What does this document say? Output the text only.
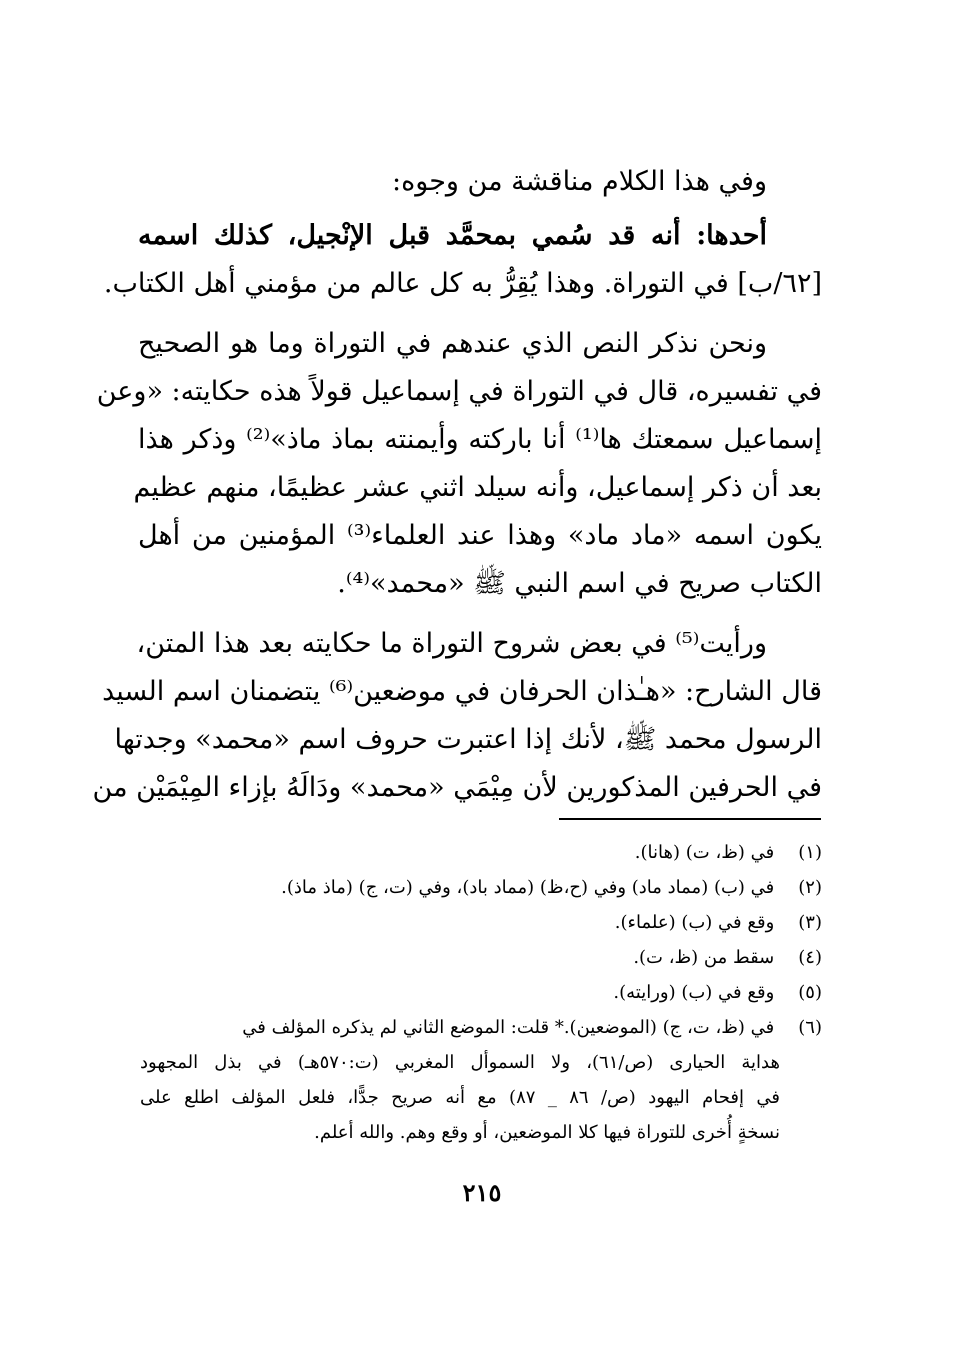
وفي هذا الكلام مناقشة من وجوه:
أحدها: أنه قد سُمي بمحمَّد قبل الإنْجيل، كذلك اسمه
[٦٢/ب] في التوراة. وهذا يُقِرُّ به كل عالم من مؤمني أهل الكتاب.
ونحن نذكر النص الذي عندهم في التوراة وما هو الصحيح
في تفسيره، قال في التوراة في إسماعيل قولاً هذه حكايته: «وعن
إسماعيل سمعتك ها⁽¹⁾ أنا باركته وأيمنته بماذ ماذ»⁽²⁾ وذكر هذا
بعد أن ذكر إسماعيل، وأنه سيلد اثني عشر عظيمًا، منهم عظيم
يكون اسمه «ماد ماد» وهذا عند العلماء⁽³⁾ المؤمنين من أهل
الكتاب صريح في اسم النبي ﷺ «محمد»⁽⁴⁾.
ورأيت⁽⁵⁾ في بعض شروح التوراة ما حكايته بعد هذا المتن،
قال الشارح: «هـٰذان الحرفان في موضعين⁽⁶⁾ يتضمنان اسم السيد
الرسول محمد ﷺ، لأنك إذا اعتبرت حروف اسم «محمد» وجدتها
في الحرفين المذكورين لأن مِيْمَي «محمد» ودَالَهُ بإزاء المِيْمَيْن من
(١) في (ظ، ت) (هانا).
(٢) في (ب) (مماد ماد) وفي (ح،ظ) (مماد باد)، وفي (ت، ج) (ماذ ماذ).
(٣) وقع في (ب) (علماء).
(٤) سقط من (ظ، ت).
(٥) وقع في (ب) (ورايته).
(٦) في (ظ، ت، ج) (الموضعين).* قلت: الموضع الثاني لم يذكره المؤلف في
هداية الحيارى (ص/٦١)، ولا السموأل المغربي (ت:٥٧٠هـ) في بذل المجهود
في إفحام اليهود (ص/ ٨٦ _ ٨٧) مع أنه صريح جدًّا، فلعل المؤلف اطلع على
نسخةٍ أُخرى للتوراة فيها كلا الموضعين، أو وقع وهم. والله أعلم.
٢١٥
